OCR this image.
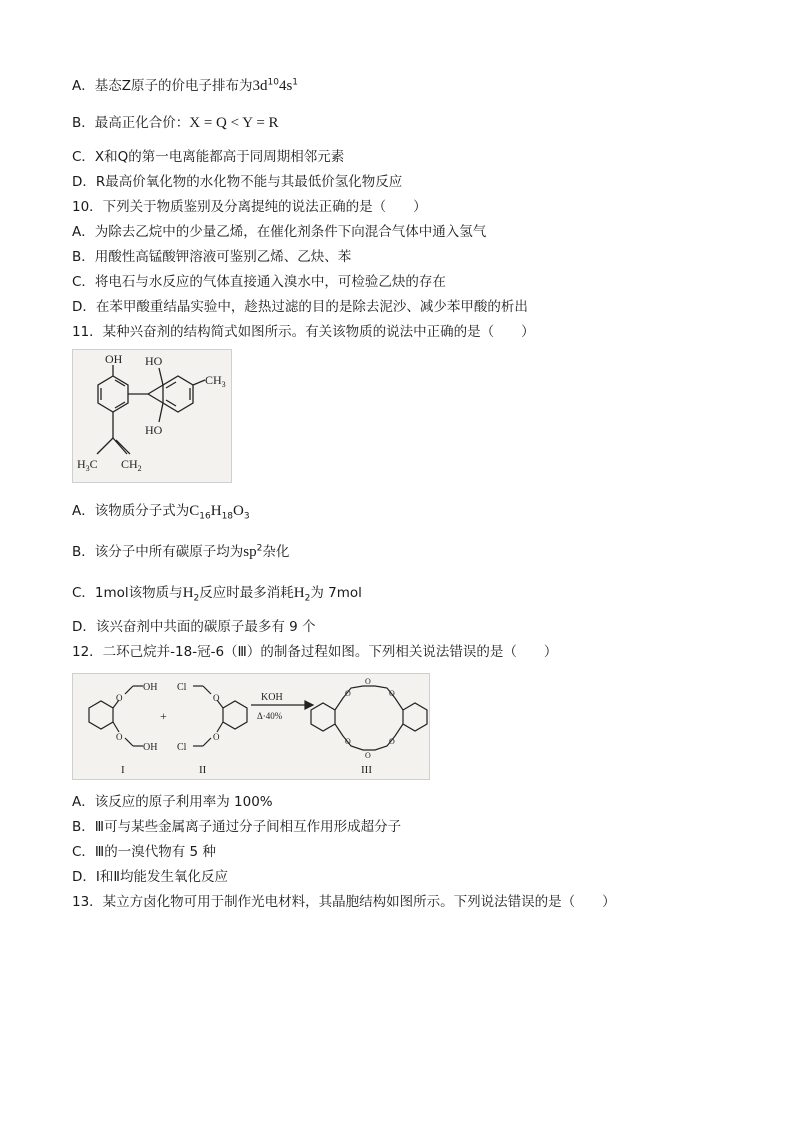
A．基态Z原子的价电子排布为$3d^{10}4s^1$
B．最高正化合价：X = Q < Y = R
C．X和Q的第一电离能都高于同周期相邻元素
D．R最高价氧化物的水化物不能与其最低价氢化物反应
10．下列关于物质鉴别及分离提纯的说法正确的是（　　）
A．为除去乙烷中的少量乙烯，在催化剂条件下向混合气体中通入氢气
B．用酸性高锰酸钾溶液可鉴别乙烯、乙炔、苯
C．将电石与水反应的气体直接通入溴水中，可检验乙炔的存在
D．在苯甲酸重结晶实验中，趁热过滤的目的是除去泥沙、减少苯甲酸的析出
11．某种兴奋剂的结构简式如图所示。有关该物质的说法中正确的是（　　）
OH HO
$CH_3$
HO
$H_3C$ $CH_2$
A．该物质分子式为$C_{16}H_{18}O_3$
B．该分子中所有碳原子均为$sp^2$杂化
C．1mol该物质与$H_2$反应时最多消耗$H_2$为 7mol
D．该兴奋剂中共面的碳原子最多有 9 个
12．二环己烷并-18-冠-6（Ⅲ）的制备过程如图。下列相关说法错误的是（　　）
OH
OH
O
O
+
Cl
Cl
O
O
KOH
Δ·40%
O
O
O
O
O
O
I	II	III
A．该反应的原子利用率为 100%
B．Ⅲ可与某些金属离子通过分子间相互作用形成超分子
C．Ⅲ的一溴代物有 5 种
D．Ⅰ和Ⅱ均能发生氧化反应
13．某立方卤化物可用于制作光电材料，其晶胞结构如图所示。下列说法错误的是（　　）
